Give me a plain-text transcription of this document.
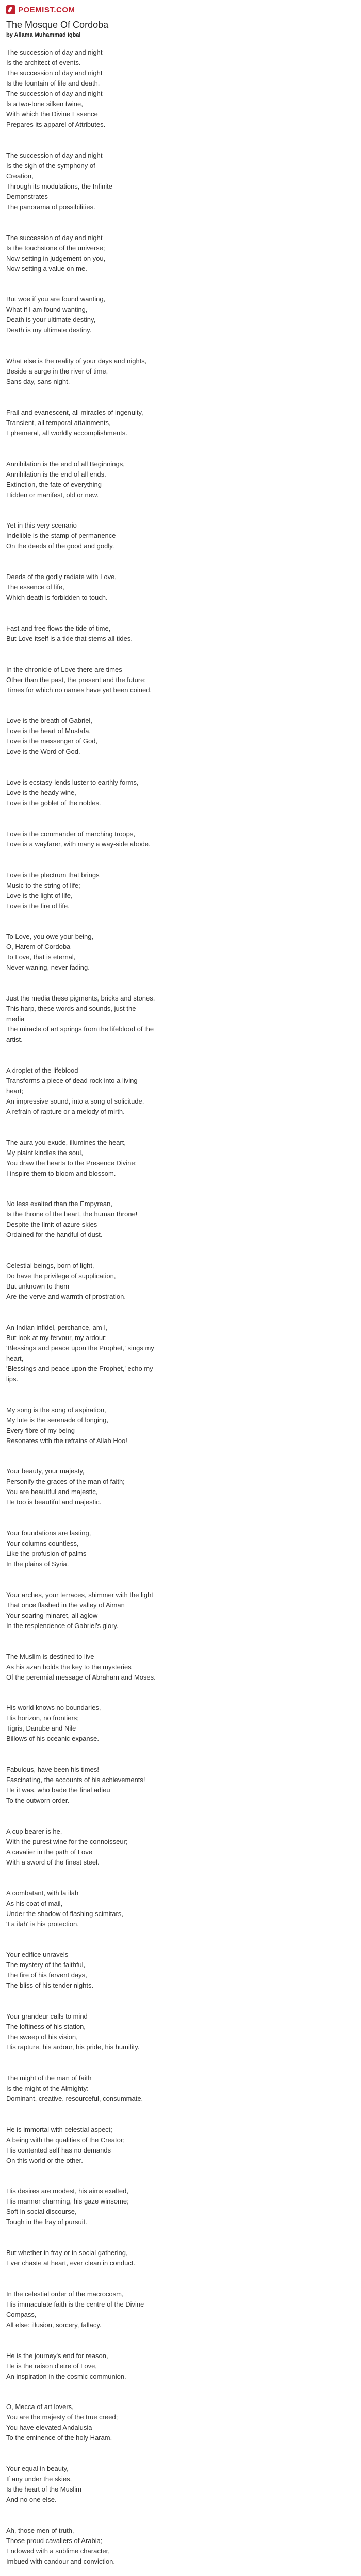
POEMIST.COM
The Mosque Of Cordoba
by Allama Muhammad Iqbal
The succession of day and night
Is the architect of events.
The succession of day and night
Is the fountain of life and death.
The succession of day and night
Is a two-tone silken twine,
With which the Divine Essence
Prepares its apparel of Attributes.
The succession of day and night
Is the sigh of the symphony of
Creation,
Through its modulations, the Infinite
Demonstrates
The panorama of possibilities.
The succession of day and night
Is the touchstone of the universe;
Now setting in judgement on you,
Now setting a value on me.
But woe if you are found wanting,
What if I am found wanting,
Death is your ultimate destiny,
Death is my ultimate destiny.
What else is the reality of your days and nights,
Beside a surge in the river of time,
Sans day, sans night.
Frail and evanescent, all miracles of ingenuity,
Transient, all temporal attainments,
Ephemeral, all worldly accomplishments.
Annihilation is the end of all Beginnings,
Annihilation is the end of all ends.
Extinction, the fate of everything
Hidden or manifest, old or new.
Yet in this very scenario
Indelible is the stamp of permanence
On the deeds of the good and godly.
Deeds of the godly radiate with Love,
The essence of life,
Which death is forbidden to touch.
Fast and free flows the tide of time,
But Love itself is a tide that stems all tides.
In the chronicle of Love there are times
Other than the past, the present and the future;
Times for which no names have yet been coined.
Love is the breath of Gabriel,
Love is the heart of Mustafa,
Love is the messenger of God,
Love is the Word of God.
Love is ecstasy-lends luster to earthly forms,
Love is the heady wine,
Love is the goblet of the nobles.
Love is the commander of marching troops,
Love is a wayfarer, with many a way-side abode.
Love is the plectrum that brings
Music to the string of life;
Love is the light of life,
Love is the fire of life.
To Love, you owe your being,
O, Harem of Cordoba
To Love, that is eternal,
Never waning, never fading.
Just the media these pigments, bricks and stones,
This harp, these words and sounds, just the media
The miracle of art springs from the lifeblood of the artist.
A droplet of the lifeblood
Transforms a piece of dead rock into a living heart;
An impressive sound, into a song of solicitude,
A refrain of rapture or a melody of mirth.
The aura you exude, illumines the heart,
My plaint kindles the soul,
You draw the hearts to the Presence Divine;
I inspire them to bloom and blossom.
No less exalted than the Empyrean,
Is the throne of the heart, the human throne!
Despite the limit of azure skies
Ordained for the handful of dust.
Celestial beings, born of light,
Do have the privilege of supplication,
But unknown to them
Are the verve and warmth of prostration.
An Indian infidel, perchance, am I,
But look at my fervour, my ardour;
'Blessings and peace upon the Prophet,' sings my heart,
'Blessings and peace upon the Prophet,' echo my lips.
My song is the song of aspiration,
My lute is the serenade of longing,
Every fibre of my being
Resonates with the refrains of Allah Hoo!
Your beauty, your majesty,
Personify the graces of the man of faith;
You are beautiful and majestic,
He too is beautiful and majestic.
Your foundations are lasting,
Your columns countless,
Like the profusion of palms
In the plains of Syria.
Your arches, your terraces, shimmer with the light
That once flashed in the valley of Aiman
Your soaring minaret, all aglow
In the resplendence of Gabriel's glory.
The Muslim is destined to live
As his azan holds the key to the mysteries
Of the perennial message of Abraham and Moses.
His world knows no boundaries,
His horizon, no frontiers;
Tigris, Danube and Nile
Billows of his oceanic expanse.
Fabulous, have been his times!
Fascinating, the accounts of his achievements!
He it was, who bade the final adieu
To the outworn order.
A cup bearer is he,
With the purest wine for the connoisseur;
A cavalier in the path of Love
With a sword of the finest steel.
A combatant, with la ilah
As his coat of mail,
Under the shadow of flashing scimitars,
'La ilah' is his protection.
Your edifice unravels
The mystery of the faithful,
The fire of his fervent days,
The bliss of his tender nights.
Your grandeur calls to mind
The loftiness of his station,
The sweep of his vision,
His rapture, his ardour, his pride, his humility.
The might of the man of faith
Is the might of the Almighty:
Dominant, creative, resourceful, consummate.
He is immortal with celestial aspect;
A being with the qualities of the Creator;
His contented self has no demands
On this world or the other.
His desires are modest, his aims exalted,
His manner charming, his gaze winsome;
Soft in social discourse,
Tough in the fray of pursuit.
But whether in fray or in social gathering,
Ever chaste at heart, ever clean in conduct.
In the celestial order of the macrocosm,
His immaculate faith is the centre of the Divine Compass,
All else: illusion, sorcery, fallacy.
He is the journey's end for reason,
He is the raison d'etre of Love,
An inspiration in the cosmic communion.
O, Mecca of art lovers,
You are the majesty of the true creed;
You have elevated Andalusia
To the eminence of the holy Haram.
Your equal in beauty,
If any under the skies,
Is the heart of the Muslim
And no one else.
Ah, those men of truth,
Those proud cavaliers of Arabia;
Endowed with a sublime character,
Imbued with candour and conviction.
